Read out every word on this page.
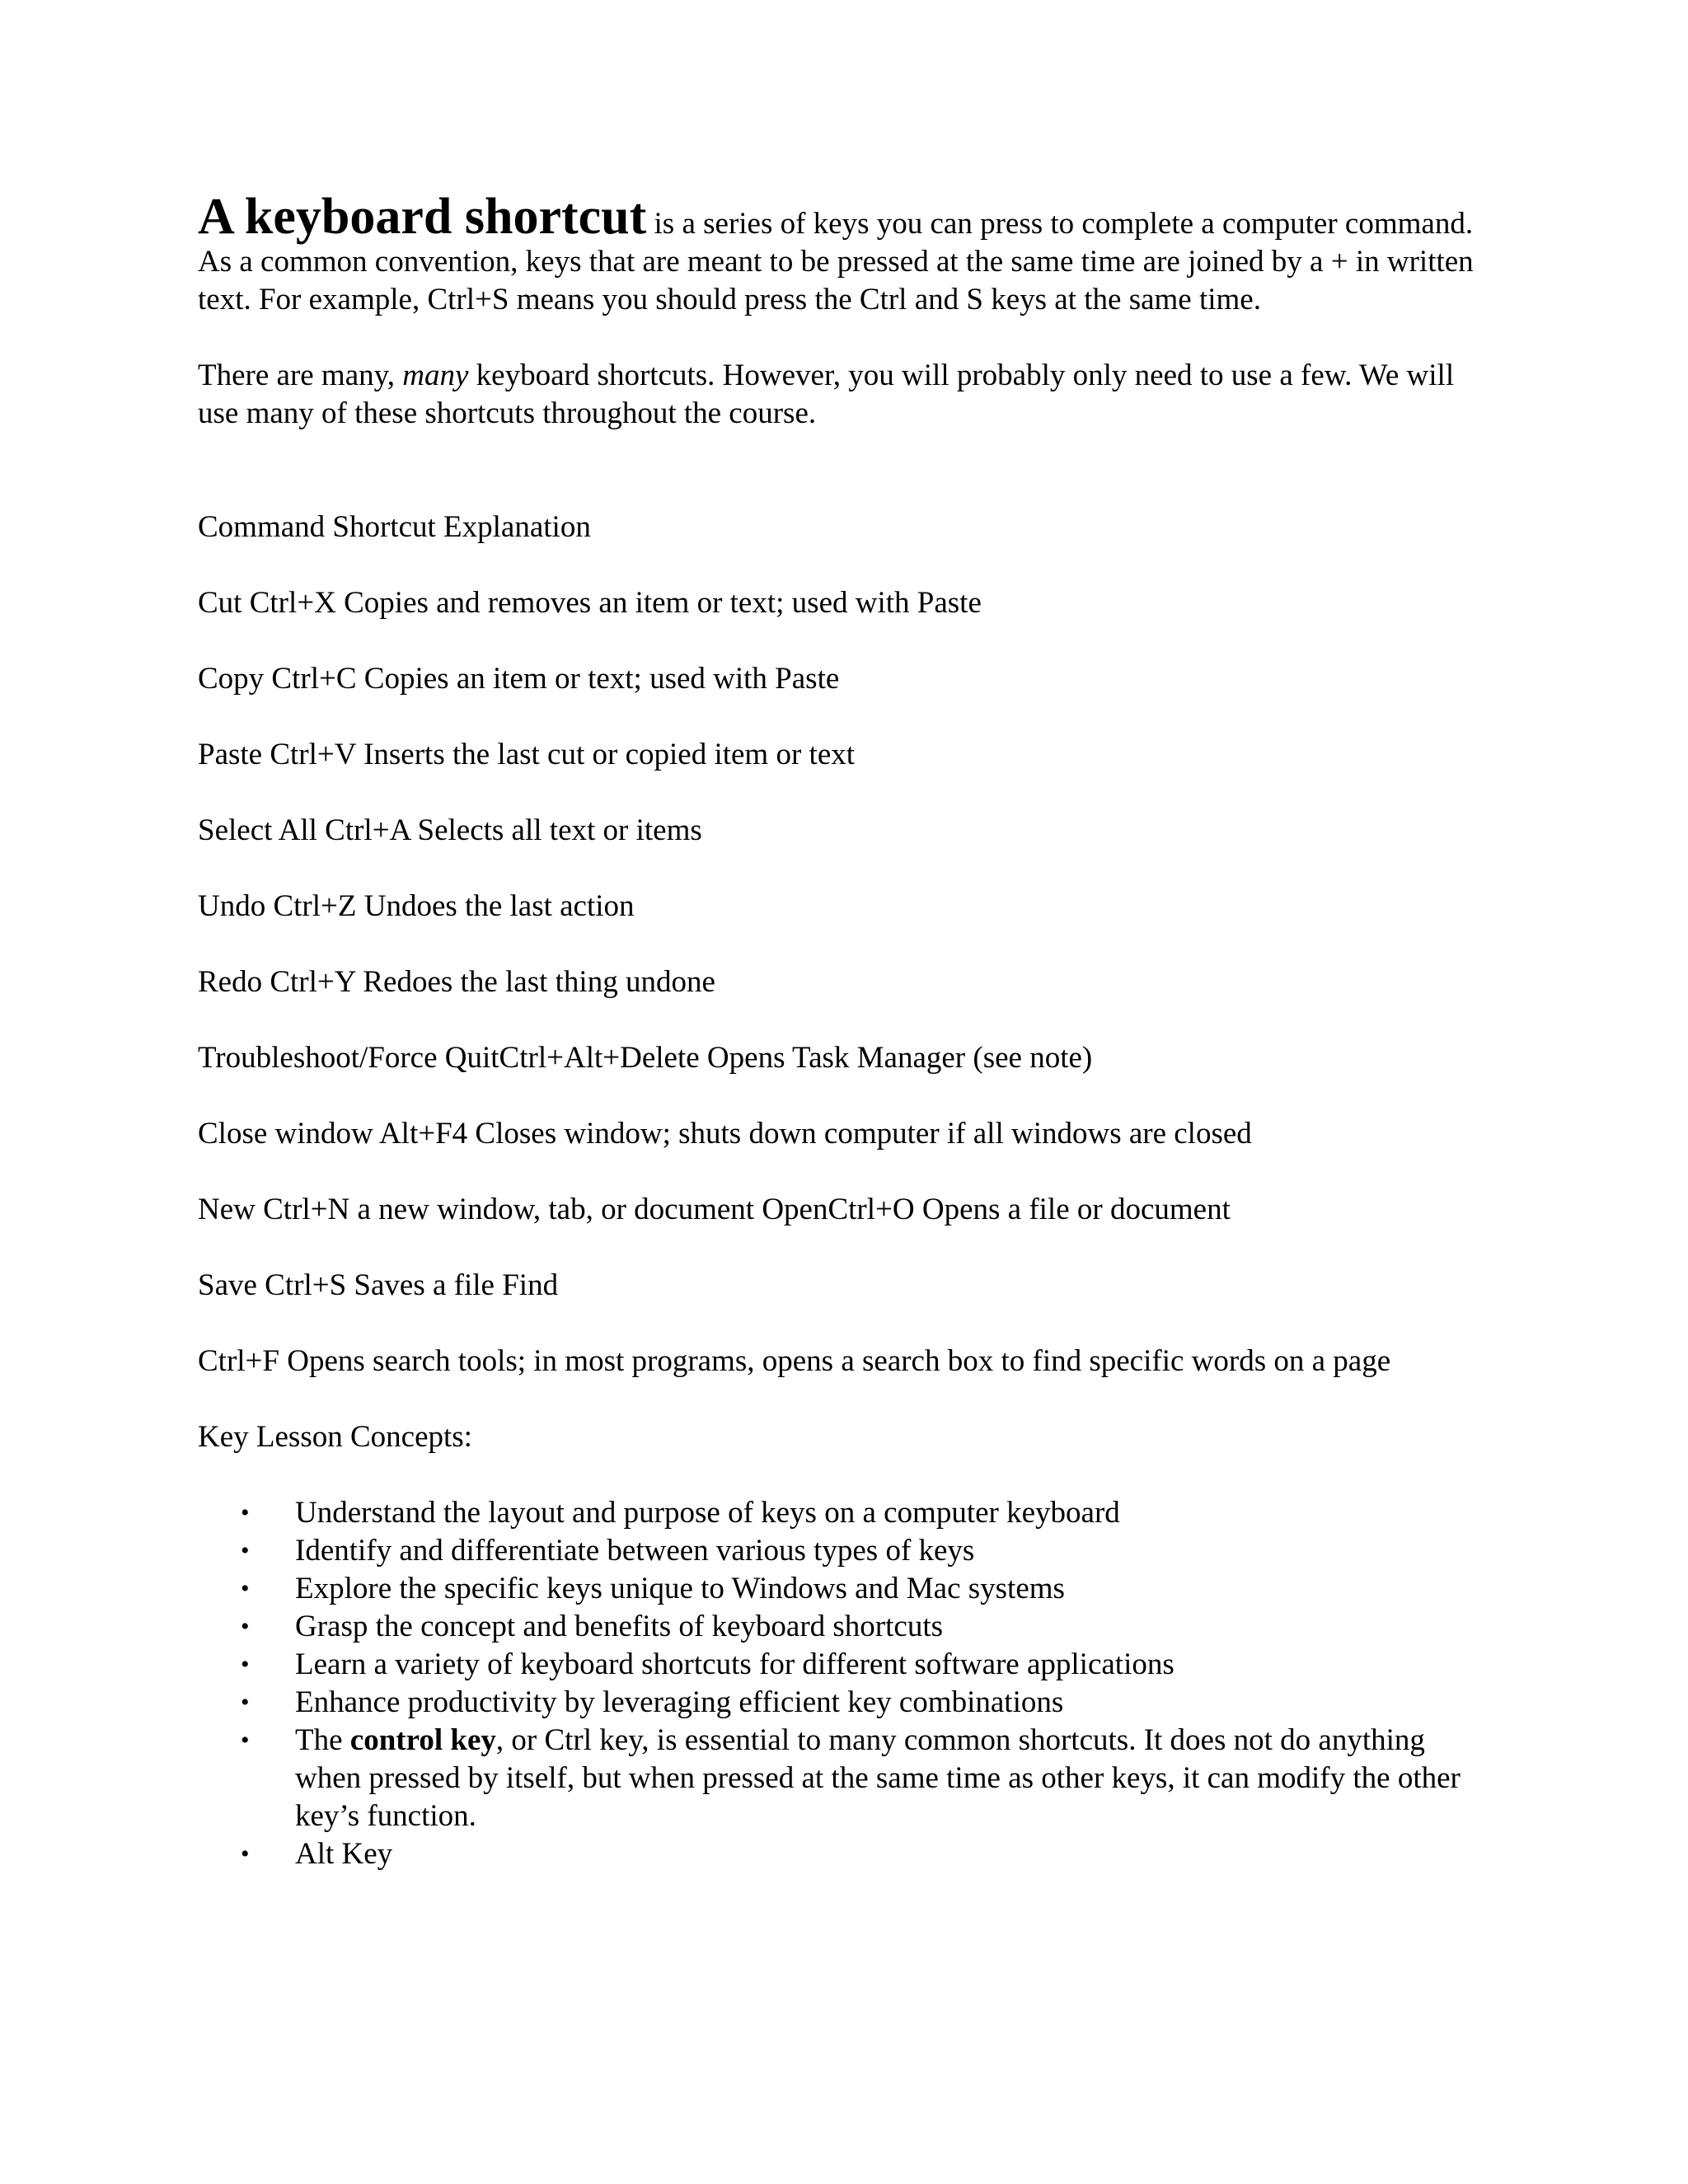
A keyboard shortcut is a series of keys you can press to complete a computer command. As a common convention, keys that are meant to be pressed at the same time are joined by a + in written text. For example, Ctrl+S means you should press the Ctrl and S keys at the same time.

There are many, many keyboard shortcuts. However, you will probably only need to use a few. We will use many of these shortcuts throughout the course.

Command Shortcut Explanation

Cut Ctrl+X Copies and removes an item or text; used with Paste

Copy Ctrl+C Copies an item or text; used with Paste

Paste Ctrl+V Inserts the last cut or copied item or text

Select All Ctrl+A Selects all text or items

Undo Ctrl+Z Undoes the last action

Redo Ctrl+Y Redoes the last thing undone

Troubleshoot/Force QuitCtrl+Alt+Delete Opens Task Manager (see note)

Close window Alt+F4 Closes window; shuts down computer if all windows are closed

New Ctrl+N a new window, tab, or document OpenCtrl+O Opens a file or document

Save Ctrl+S Saves a file Find

Ctrl+F Opens search tools; in most programs, opens a search box to find specific words on a page

Key Lesson Concepts:

• Understand the layout and purpose of keys on a computer keyboard
• Identify and differentiate between various types of keys
• Explore the specific keys unique to Windows and Mac systems
• Grasp the concept and benefits of keyboard shortcuts
• Learn a variety of keyboard shortcuts for different software applications
• Enhance productivity by leveraging efficient key combinations
• The control key, or Ctrl key, is essential to many common shortcuts. It does not do anything when pressed by itself, but when pressed at the same time as other keys, it can modify the other key’s function.
• Alt Key
